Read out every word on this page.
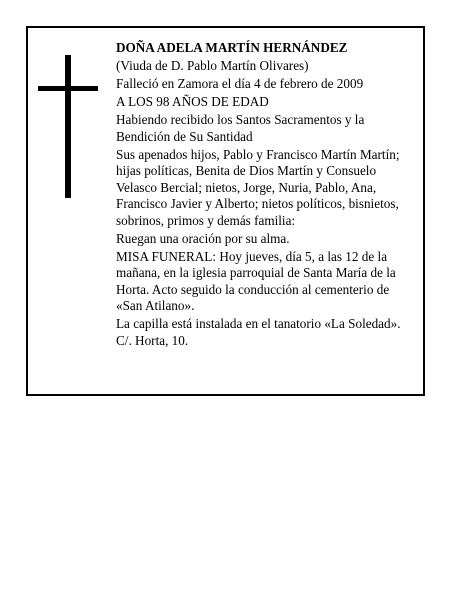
DOÑA ADELA MARTÍN HERNÁNDEZ

(Viuda de D. Pablo Martín Olivares)

Falleció en Zamora el día 4 de febrero de 2009

A LOS 98 AÑOS DE EDAD

Habiendo recibido los Santos Sacramentos y la Bendición de Su Santidad

Sus apenados hijos, Pablo y Francisco Martín Martín; hijas políticas, Benita de Dios Martín y Consuelo Velasco Bercial; nietos, Jorge, Nuria, Pablo, Ana, Francisco Javier y Alberto; nietos políticos, bisnietos, sobrinos, primos y demás familia:

Ruegan una oración por su alma.

MISA FUNERAL: Hoy jueves, día 5, a las 12 de la mañana, en la iglesia parroquial de Santa María de la Horta. Acto seguido la conducción al cementerio de «San Atilano».

La capilla está instalada en el tanatorio «La Soledad». C/. Horta, 10.
